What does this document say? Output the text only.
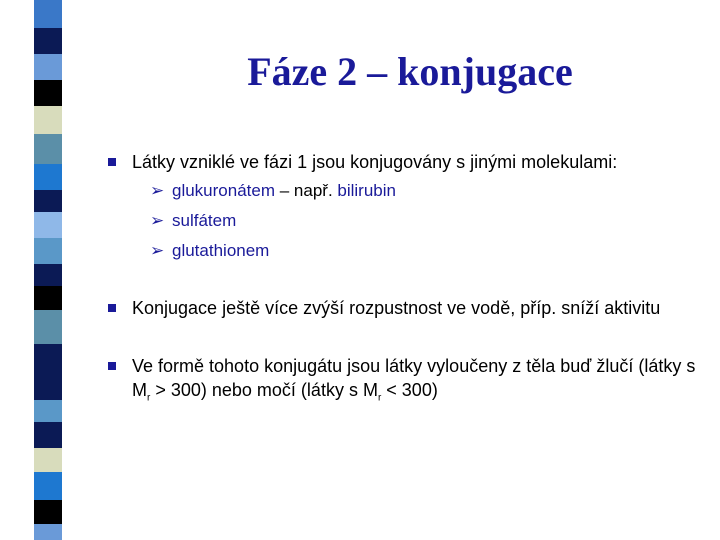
Fáze 2 – konjugace
Látky vzniklé ve fázi 1 jsou konjugovány s jinými molekulami:
➢ glukuronátem – např. bilirubin
➢ sulfátem
➢ glutathionem
Konjugace ještě více zvýší rozpustnost ve vodě, příp. sníží aktivitu
Ve formě tohoto konjugátu jsou látky vyloučeny z těla buď žlučí (látky s $M_r > 300$) nebo močí (látky s $M_r < 300$)
